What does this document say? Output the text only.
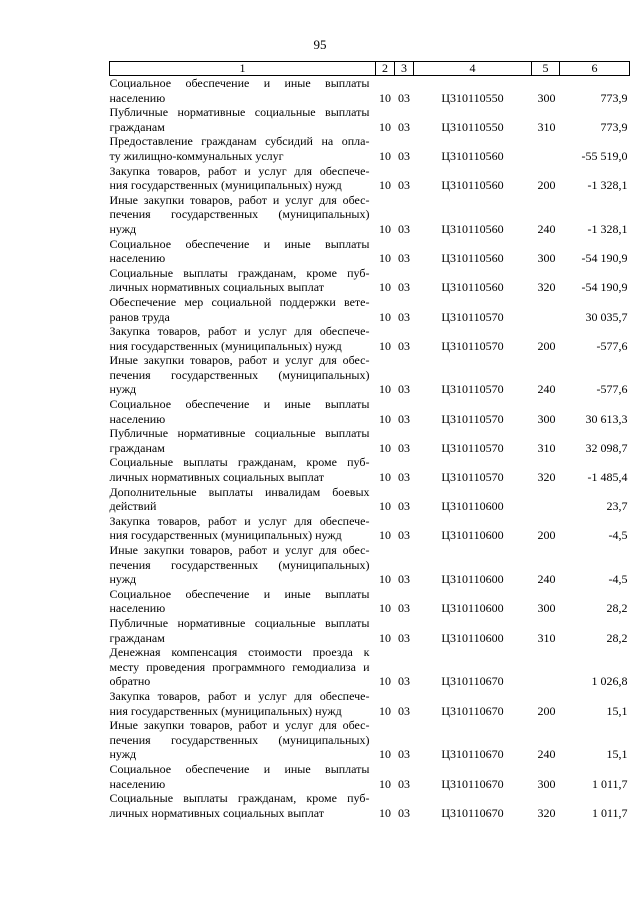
95
1	2	3	4	5	6

Социальное обеспечение и иные выплаты
населению	10	03	Ц310110550	300	773,9

Публичные нормативные социальные выплаты
гражданам	10	03	Ц310110550	310	773,9

Предоставление гражданам субсидий на опла-
ту жилищно-коммунальных услуг	10	03	Ц310110560		-55 519,0

Закупка товаров, работ и услуг для обеспече-
ния государственных (муниципальных) нужд	10	03	Ц310110560	200	-1 328,1

Иные закупки товаров, работ и услуг для обес-
печения государственных (муниципальных)
нужд	10	03	Ц310110560	240	-1 328,1

Социальное обеспечение и иные выплаты
населению	10	03	Ц310110560	300	-54 190,9

Социальные выплаты гражданам, кроме пуб-
личных нормативных социальных выплат	10	03	Ц310110560	320	-54 190,9

Обеспечение мер социальной поддержки вете-
ранов труда	10	03	Ц310110570		30 035,7

Закупка товаров, работ и услуг для обеспече-
ния государственных (муниципальных) нужд	10	03	Ц310110570	200	-577,6

Иные закупки товаров, работ и услуг для обес-
печения государственных (муниципальных)
нужд	10	03	Ц310110570	240	-577,6

Социальное обеспечение и иные выплаты
населению	10	03	Ц310110570	300	30 613,3

Публичные нормативные социальные выплаты
гражданам	10	03	Ц310110570	310	32 098,7

Социальные выплаты гражданам, кроме пуб-
личных нормативных социальных выплат	10	03	Ц310110570	320	-1 485,4

Дополнительные выплаты инвалидам боевых
действий	10	03	Ц310110600		23,7

Закупка товаров, работ и услуг для обеспече-
ния государственных (муниципальных) нужд	10	03	Ц310110600	200	-4,5

Иные закупки товаров, работ и услуг для обес-
печения государственных (муниципальных)
нужд	10	03	Ц310110600	240	-4,5

Социальное обеспечение и иные выплаты
населению	10	03	Ц310110600	300	28,2

Публичные нормативные социальные выплаты
гражданам	10	03	Ц310110600	310	28,2

Денежная компенсация стоимости проезда к
месту проведения программного гемодиализа и
обратно	10	03	Ц310110670		1 026,8

Закупка товаров, работ и услуг для обеспече-
ния государственных (муниципальных) нужд	10	03	Ц310110670	200	15,1

Иные закупки товаров, работ и услуг для обес-
печения государственных (муниципальных)
нужд	10	03	Ц310110670	240	15,1

Социальное обеспечение и иные выплаты
населению	10	03	Ц310110670	300	1 011,7

Социальные выплаты гражданам, кроме пуб-
личных нормативных социальных выплат	10	03	Ц310110670	320	1 011,7
